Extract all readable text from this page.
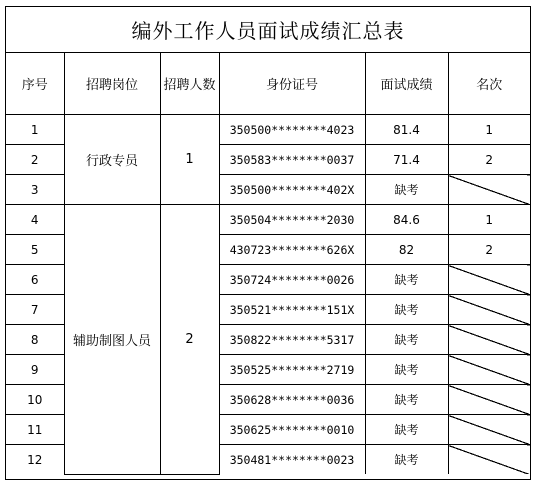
编外工作人员面试成绩汇总表
序号	招聘岗位	招聘人数	身份证号	面试成绩	名次
1	行政专员	1	350500********4023	81.4	1
2			350583********0037	71.4	2
3			350500********402X	缺考	
4	辅助制图人员	2	350504********2030	84.6	1
5			430723********626X	82	2
6			350724********0026	缺考	
7			350521********151X	缺考	
8			350822********5317	缺考	
9			350525********2719	缺考	
10			350628********0036	缺考	
11			350625********0010	缺考	
12			350481********0023	缺考	
